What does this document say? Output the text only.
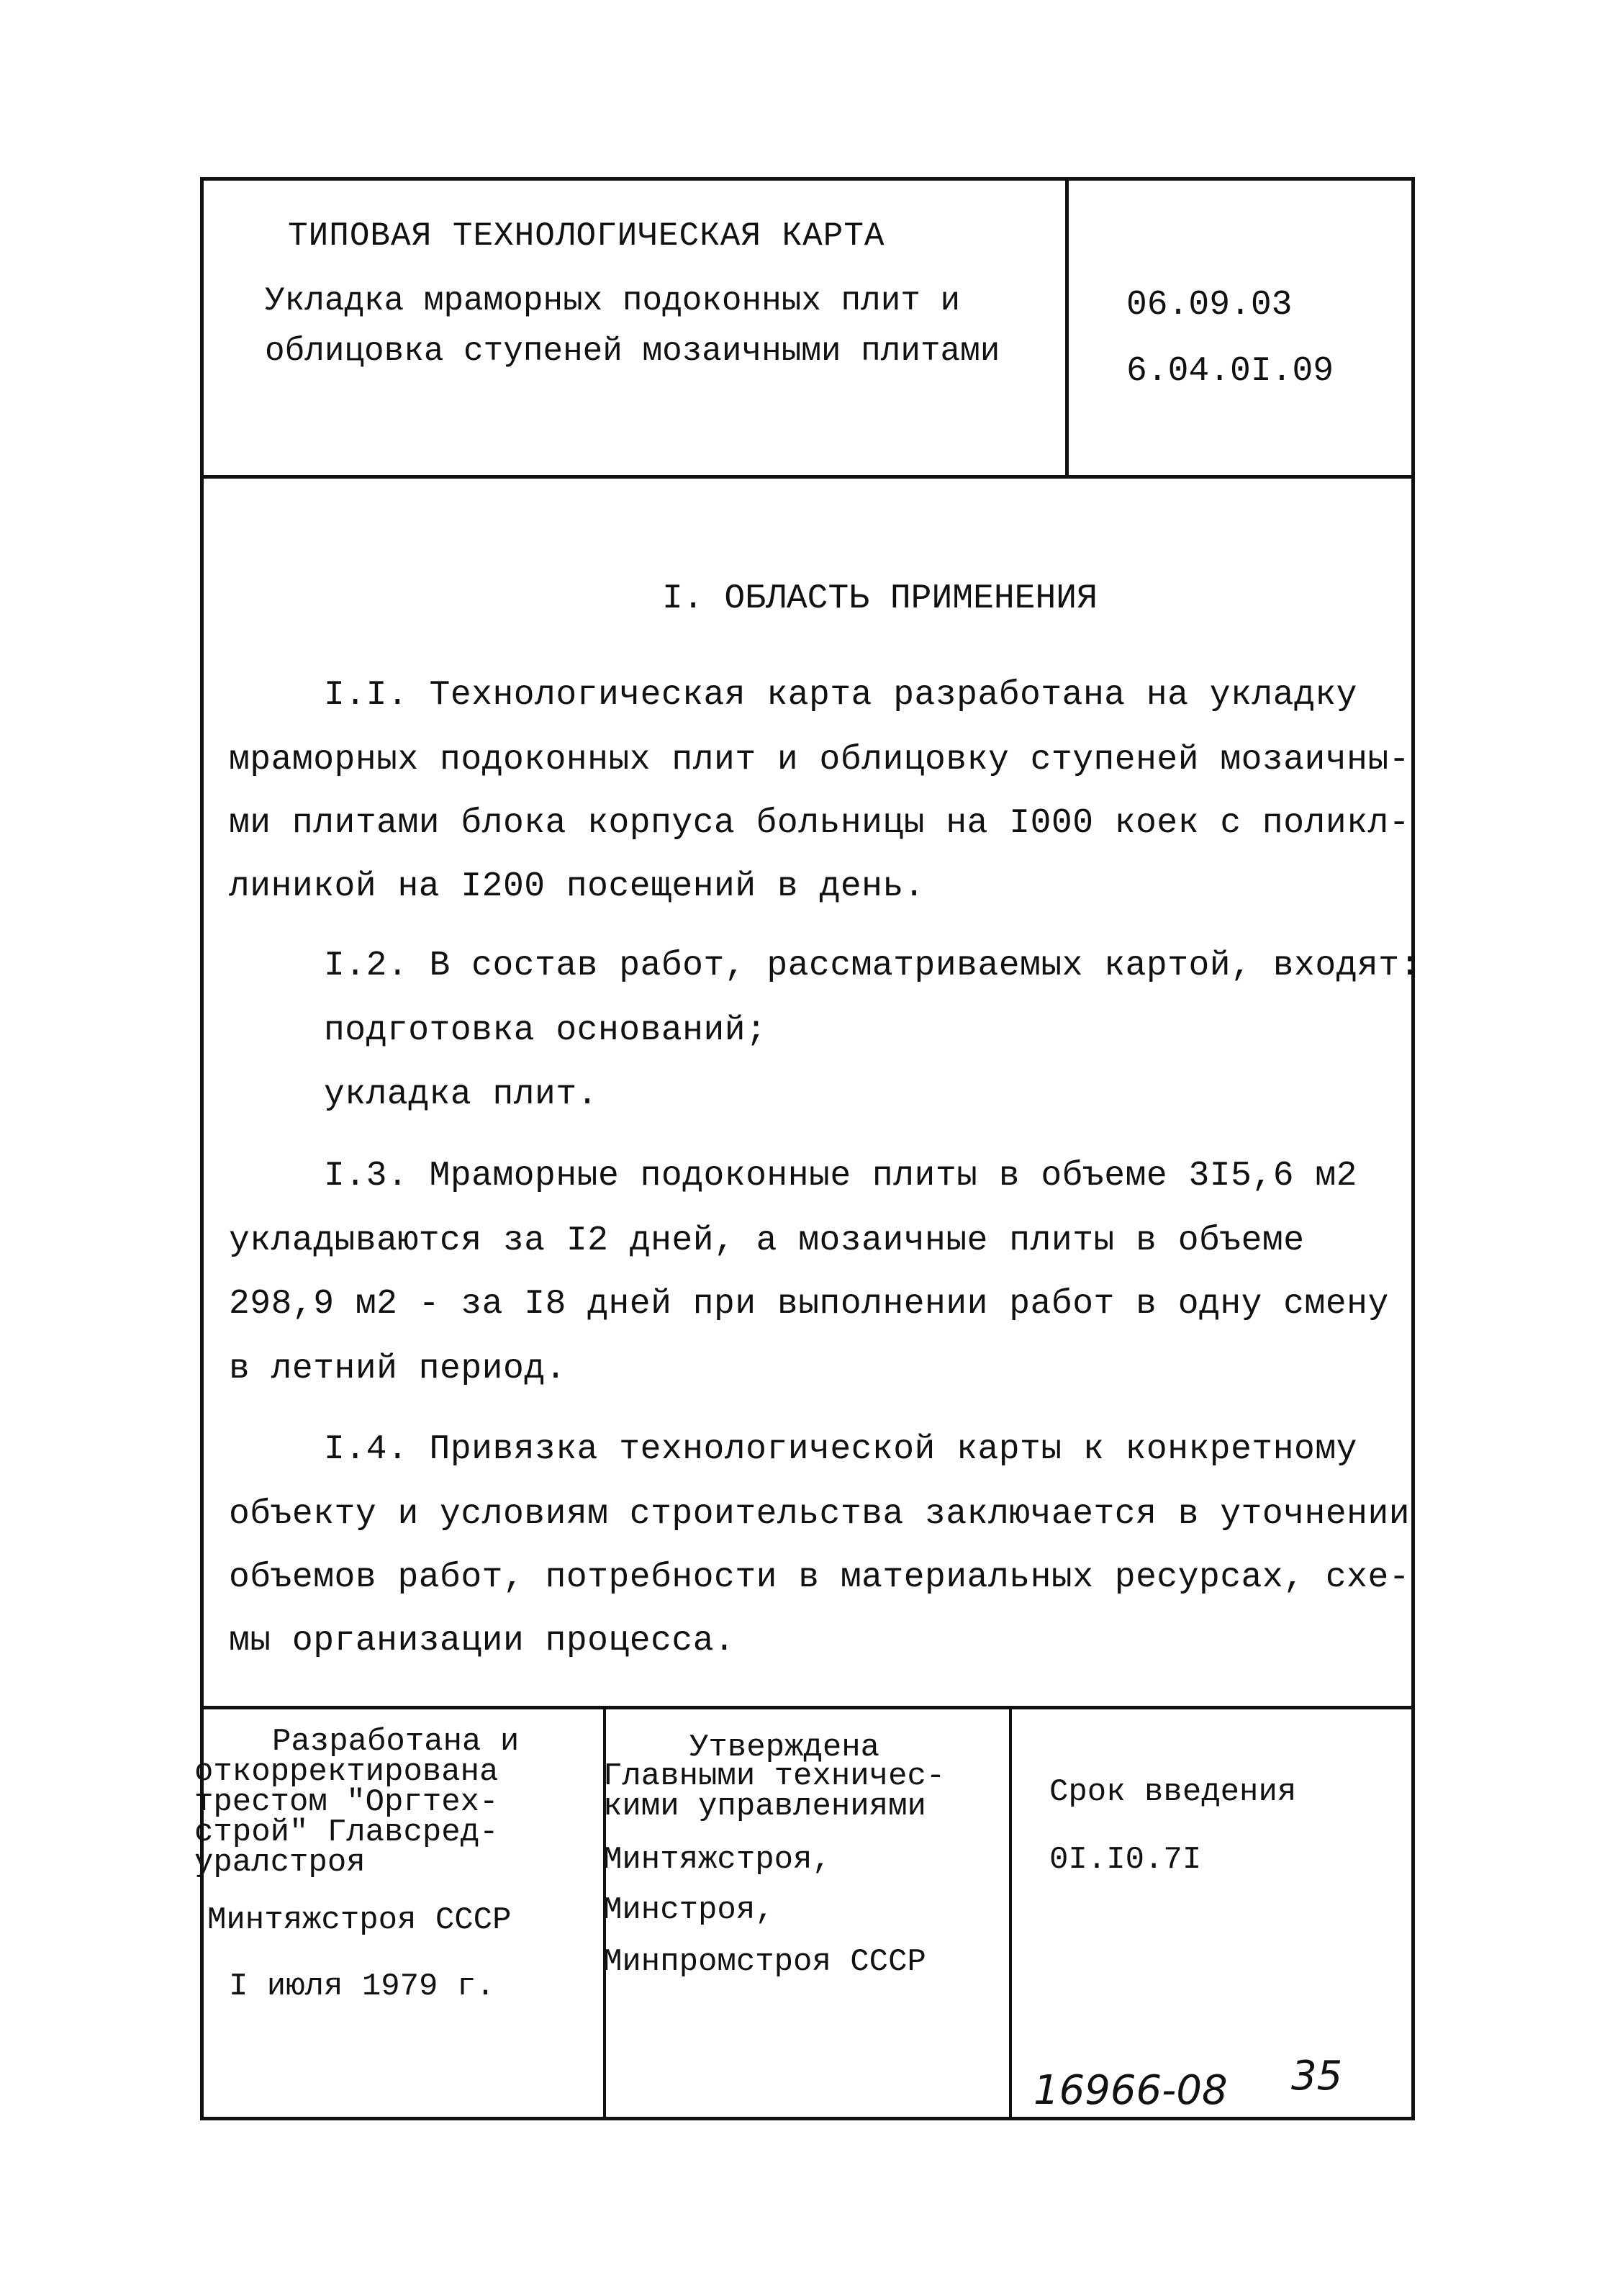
ТИПОВАЯ ТЕХНОЛОГИЧЕСКАЯ КАРТА
Укладка мраморных подоконных плит и
облицовка ступеней мозаичными плитами
06.09.03
6.04.0I.09
I. ОБЛАСТЬ ПРИМЕНЕНИЯ
I.I. Технологическая карта разработана на укладку
мраморных подоконных плит и облицовку ступеней мозаичны-
ми плитами блока корпуса больницы на I000 коек с поликл-
линикой на I200 посещений в день.
I.2. В состав работ, рассматриваемых картой, входят:
подготовка оснований;
укладка плит.
I.3. Мраморные подоконные плиты в объеме 3I5,6 м2
укладываются за I2 дней, а мозаичные плиты в объеме
298,9 м2 - за I8 дней при выполнении работ в одну смену
в летний период.
I.4. Привязка технологической карты к конкретному
объекту и условиям строительства заключается в уточнении
объемов работ, потребности в материальных ресурсах, схе-
мы организации процесса.
Разработана и
откорректирована
трестом "Оргтех-
строй" Главсред-
уралстроя
Минтяжстроя СССР
I июля 1979 г.
Утверждена
Главными техничес-
кими управлениями
Минтяжстроя,
Минстроя,
Минпромстроя СССР
Срок введения
0I.I0.7I
16966-08 35
